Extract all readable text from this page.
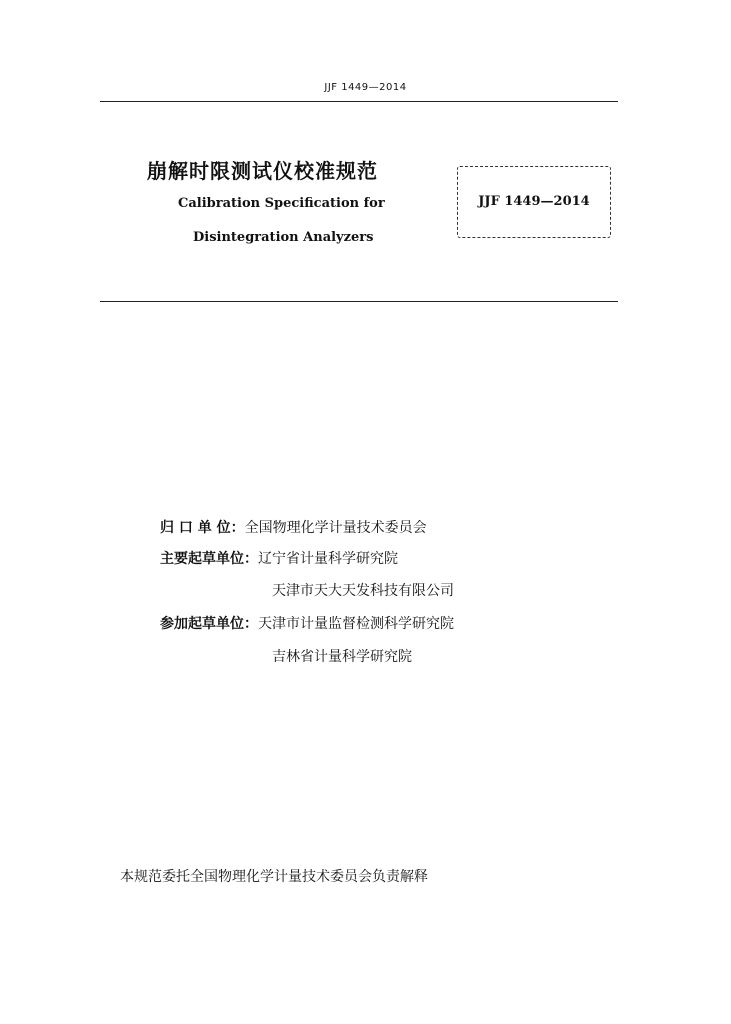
JJF 1449—2014
崩解时限测试仪校准规范
Calibration Specification for
Disintegration Analyzers
JJF 1449—2014
归 口 单 位：全国物理化学计量技术委员会
主要起草单位：辽宁省计量科学研究院
天津市天大天发科技有限公司
参加起草单位：天津市计量监督检测科学研究院
吉林省计量科学研究院
本规范委托全国物理化学计量技术委员会负责解释
